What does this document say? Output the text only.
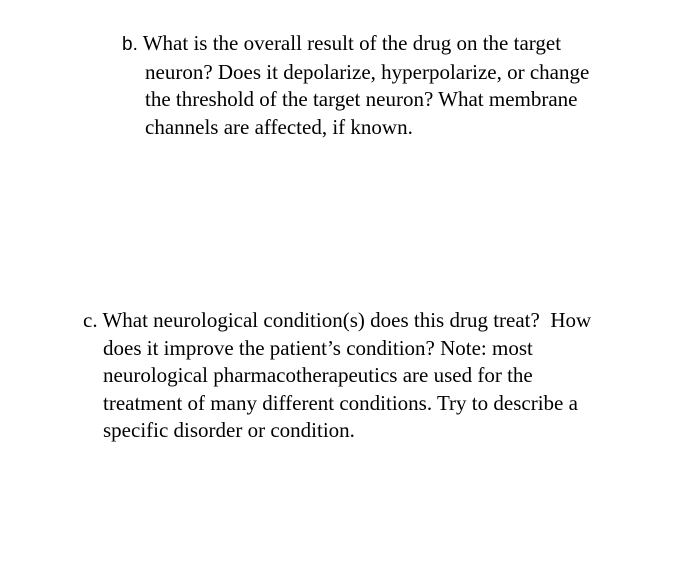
b. What is the overall result of the drug on the target
neuron? Does it depolarize, hyperpolarize, or change
the threshold of the target neuron? What membrane
channels are affected, if known.
c. What neurological condition(s) does this drug treat?  How
does it improve the patient’s condition? Note: most
neurological pharmacotherapeutics are used for the
treatment of many different conditions. Try to describe a
specific disorder or condition.
